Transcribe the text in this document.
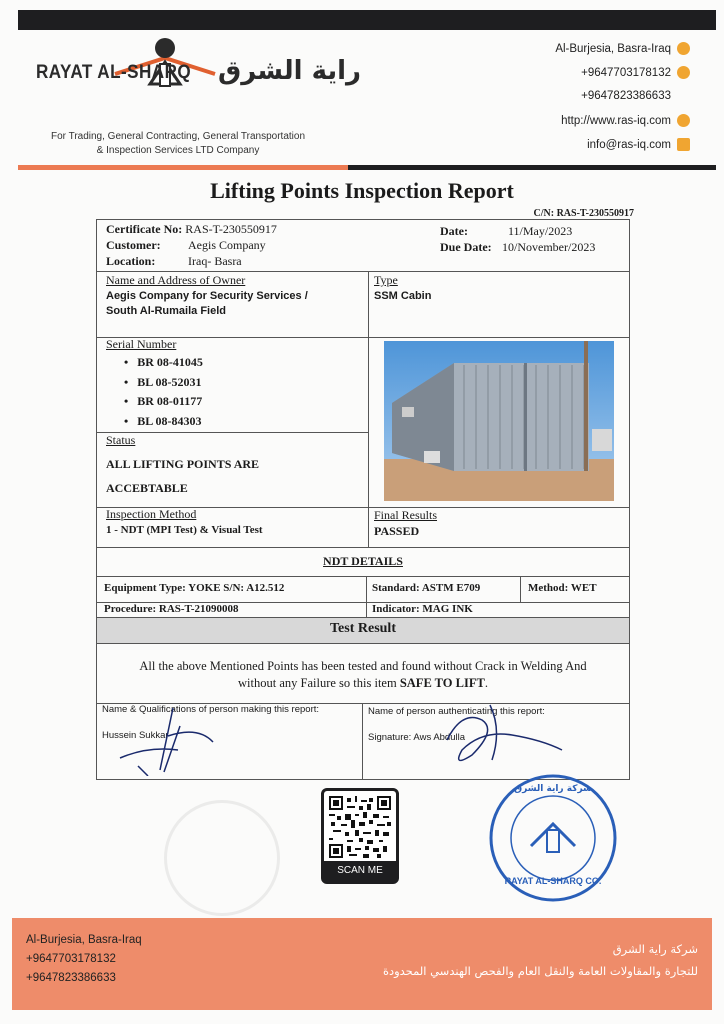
RAYAT AL-SHARQ راية الشرق
For Trading, General Contracting, General Transportation
& Inspection Services LTD Company
Al-Burjesia, Basra-Iraq
+9647703178132
+9647823386633
http://www.ras-iq.com
info@ras-iq.com
Lifting Points Inspection Report
C/N: RAS-T-230550917
Certificate No: RAS-T-230550917
Customer: Aegis Company
Location:	Iraq- Basra
Date:	11/May/2023
Due Date: 10/November/2023
Name and Address of Owner
Aegis Company for Security Services /
South Al-Rumaila Field
Type
SSM Cabin
Serial Number
•   BR 08-41045
•   BL 08-52031
•   BR 08-01177
•   BL 08-84303
Status
ALL LIFTING POINTS ARE
ACCEBTABLE
Inspection Method
1 - NDT (MPI Test) & Visual Test
Final Results
PASSED
NDT DETAILS
Equipment Type: YOKE S/N: A12.512	Standard: ASTM E709	Method: WET
Procedure: RAS-T-21090008	Indicator: MAG INK
Test Result
All the above Mentioned Points has been tested and found without Crack in Welding And
without any Failure so this item SAFE TO LIFT.
Name & Qualifications of person making this report:
Hussein Sukkar
Name of person authenticating this report:
Signature: Aws Abdulla
SCAN ME
RAYAT AL-SHARQ CO.
شركة راية الشرق
Al-Burjesia, Basra-Iraq
+9647703178132
+9647823386633
شركة راية الشرق
للتجارة والمقاولات العامة والنقل العام والفحص الهندسي المحدودة
